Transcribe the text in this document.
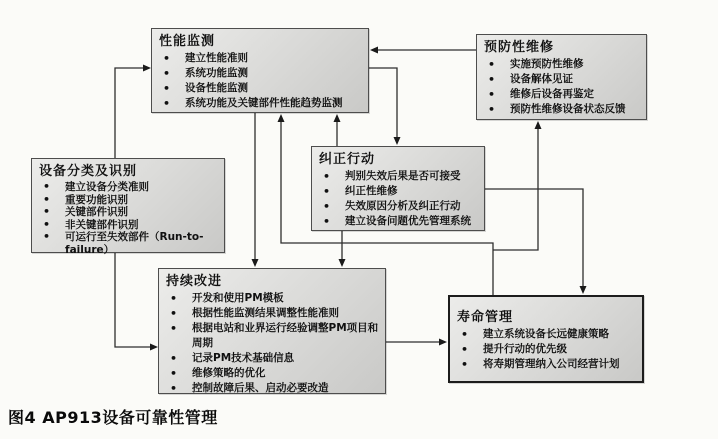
性能监测
• 建立性能准则
• 系统功能监测
• 设备性能监测
• 系统功能及关键部件性能趋势监测
预防性维修
• 实施预防性维修
• 设备解体见证
• 维修后设备再鉴定
• 预防性维修设备状态反馈
设备分类及识别
• 建立设备分类准则
• 重要功能识别
• 关键部件识别
• 非关键部件识别
• 可运行至失效部件（Run-to-failure）
纠正行动
• 判别失效后果是否可接受
• 纠正性维修
• 失效原因分析及纠正行动
• 建立设备问题优先管理系统
持续改进
• 开发和使用PM模板
• 根据性能监测结果调整性能准则
• 根据电站和业界运行经验调整PM项目和周期
• 记录PM技术基础信息
• 维修策略的优化
• 控制故障后果、启动必要改造
寿命管理
• 建立系统设备长远健康策略
• 提升行动的优先级
• 将寿期管理纳入公司经营计划
图4 AP913设备可靠性管理
